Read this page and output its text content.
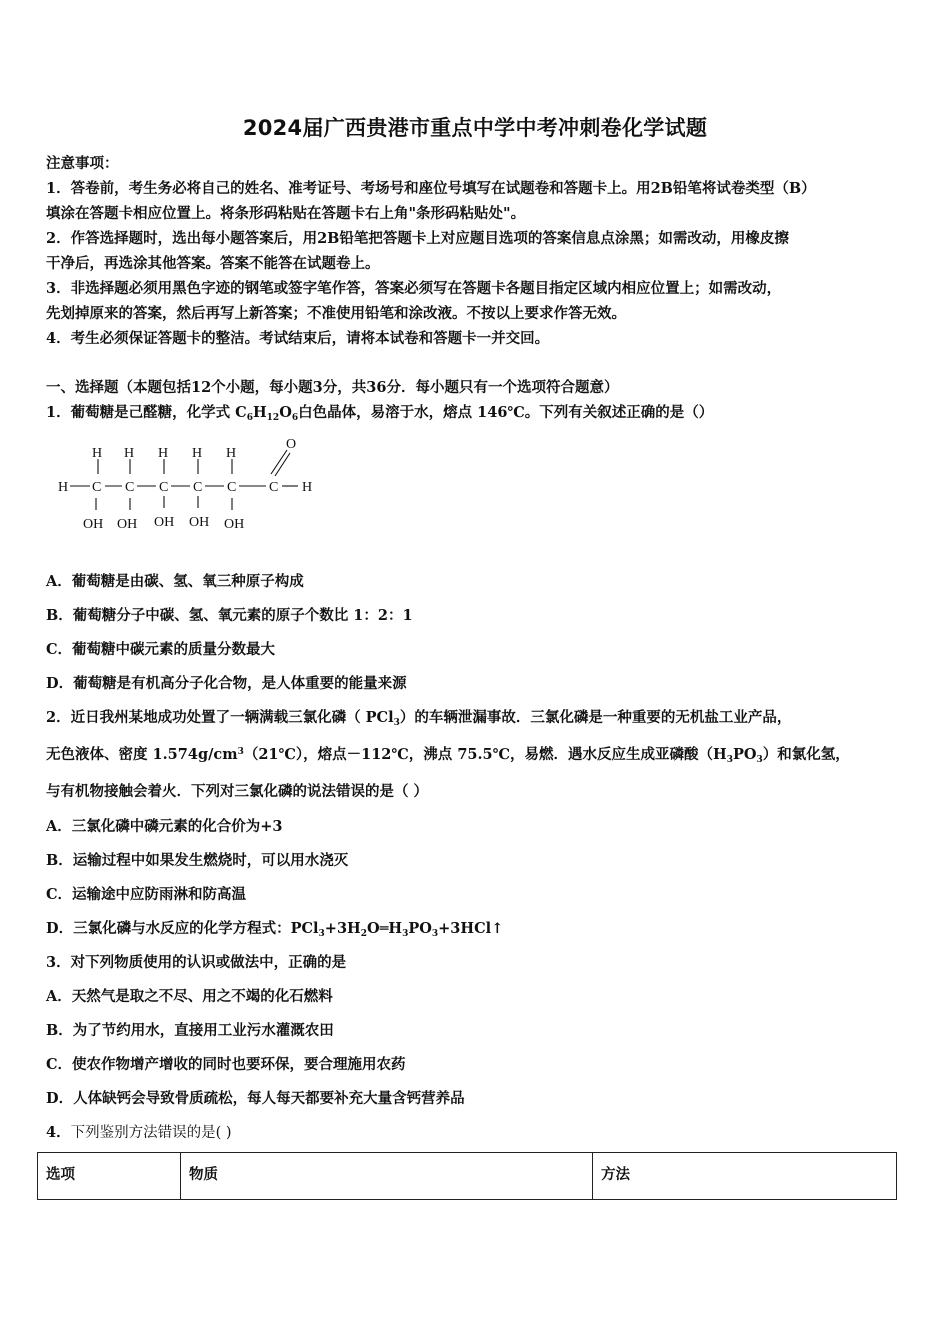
2024届广西贵港市重点中学中考冲刺卷化学试题
注意事项：
1．答卷前，考生务必将自己的姓名、准考证号、考场号和座位号填写在试题卷和答题卡上。用2B铅笔将试卷类型（B）
填涂在答题卡相应位置上。将条形码粘贴在答题卡右上角"条形码粘贴处"。
2．作答选择题时，选出每小题答案后，用2B铅笔把答题卡上对应题目选项的答案信息点涂黑；如需改动，用橡皮擦
干净后，再选涂其他答案。答案不能答在试题卷上。
3．非选择题必须用黑色字迹的钢笔或签字笔作答，答案必须写在答题卡各题目指定区域内相应位置上；如需改动，
先划掉原来的答案，然后再写上新答案；不准使用铅笔和涂改液。不按以上要求作答无效。
4．考生必须保证答题卡的整洁。考试结束后，请将本试卷和答题卡一并交回。
一、选择题（本题包括12个小题，每小题3分，共36分．每小题只有一个选项符合题意）
1．葡萄糖是己醛糖，化学式 $C_6H_{12}O_6$白色晶体，易溶于水，熔点 146℃。下列有关叙述正确的是（）
H H H H H
O
H C C C C C C H
OH OH OH OH OH
A．葡萄糖是由碳、氢、氧三种原子构成
B．葡萄糖分子中碳、氢、氧元素的原子个数比 1：2：1
C．葡萄糖中碳元素的质量分数最大
D．葡萄糖是有机高分子化合物，是人体重要的能量来源
2．近日我州某地成功处置了一辆满载三氯化磷（ PCl$_3$）的车辆泄漏事故．三氯化磷是一种重要的无机盐工业产品，
无色液体、密度 $1.574g/cm^3(21℃)$，熔点－112℃，沸点 75.5℃，易燃．遇水反应生成亚磷酸$(H_3PO_3)$和氯化氢，
与有机物接触会着火．下列对三氯化磷的说法错误的是（ ）
A．三氯化磷中磷元素的化合价为+3
B．运输过程中如果发生燃烧时，可以用水浇灭
C．运输途中应防雨淋和防高温
D．三氯化磷与水反应的化学方程式：$PCl_3+3H_2O═H_3PO_3+3HCl↑$
3．对下列物质使用的认识或做法中，正确的是
A．天然气是取之不尽、用之不竭的化石燃料
B．为了节约用水，直接用工业污水灌溉农田
C．使农作物增产增收的同时也要环保，要合理施用农药
D．人体缺钙会导致骨质疏松，每人每天都要补充大量含钙营养品
4．下列鉴别方法错误的是( )
选项	物质	方法
